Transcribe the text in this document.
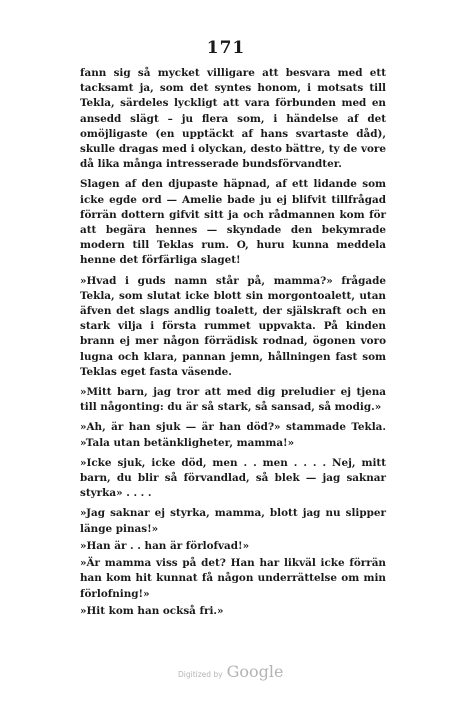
171

fann sig så mycket villigare att besvara med ett tacksamt ja, som det syntes honom, i motsats till Tekla, särdeles lyckligt att vara förbunden med en ansedd slägt – ju flera som, i händelse af det omöjligaste (en upptäckt af hans svartaste dåd), skulle dragas med i olyckan, desto bättre, ty de vore då lika många intresserade bundsförvandter.

Slagen af den djupaste häpnad, af ett lidande som icke egde ord — Amelie bade ju ej blifvit tillfrågad förrän dottern gifvit sitt ja och rådmannen kom för att begära hennes — skyndade den bekymrade modern till Teklas rum. O, huru kunna meddela henne det förfärliga slaget!

»Hvad i guds namn står på, mamma?» frågade Tekla, som slutat icke blott sin morgontoalett, utan äfven det slags andlig toalett, der själskraft och en stark vilja i första rummet uppvakta. På kinden brann ej mer någon förrädisk rodnad, ögonen voro lugna och klara, pannan jemn, hållningen fast som Teklas eget fasta väsende.

»Mitt barn, jag tror att med dig preludier ej tjena till någonting: du är så stark, så sansad, så modig.»

»Ah, är han sjuk — är han död?» stammade Tekla. »Tala utan betänkligheter, mamma!»

»Icke sjuk, icke död, men . . men . . . . Nej, mitt barn, du blir så förvandlad, så blek — jag saknar styrka» . . . .

»Jag saknar ej styrka, mamma, blott jag nu slipper länge pinas!»

»Han är . . han är förlofvad!»

»Är mamma viss på det? Han har likväl icke förrän han kom hit kunnat få någon underrättelse om min förlofning!»

»Hit kom han också fri.»

Digitized by Google
